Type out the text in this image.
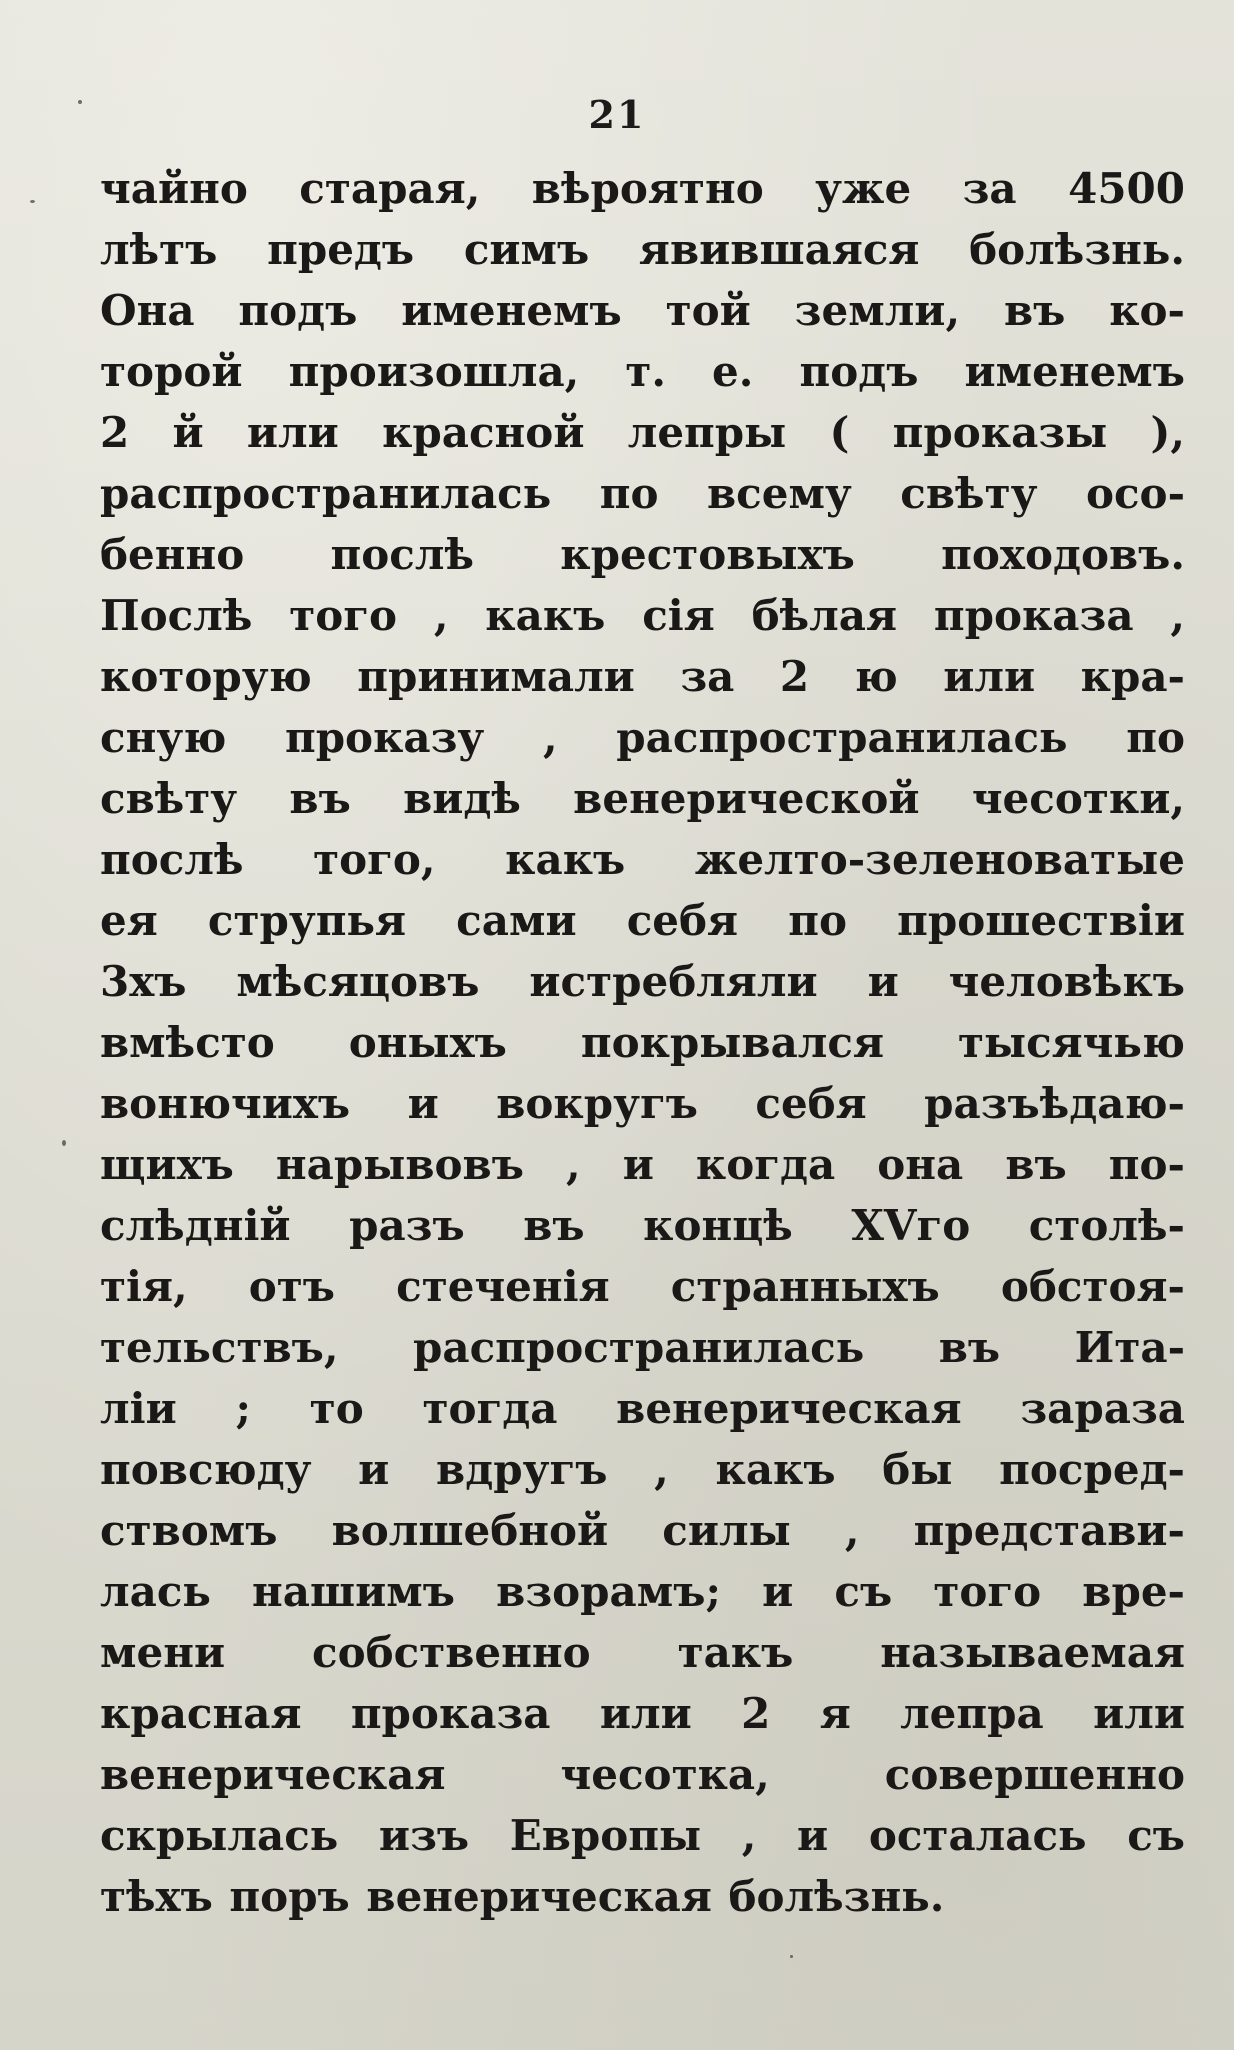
21
чайно старая, вѣроятно уже за 4500
лѣтъ предъ симъ явившаяся болѣзнь.
Она подъ именемъ той земли, въ ко-
торой произошла, т. е. подъ именемъ
2 й или красной лепры ( проказы ),
распространилась по всему свѣту осо-
бенно послѣ крестовыхъ походовъ.
Послѣ того , какъ сія бѣлая проказа ,
которую принимали за 2 ю или кра-
сную проказу , распространилась по
свѣту въ видѣ венерической чесотки,
послѣ того, какъ желто-зеленоватые
ея струпья сами себя по прошествіи
3хъ мѣсяцовъ истребляли и человѣкъ
вмѣсто оныхъ покрывался тысячью
вонючихъ и вокругъ себя разъѣдаю-
щихъ нарывовъ , и когда она въ по-
слѣдній разъ въ концѣ XVго столѣ-
тія, отъ стеченія странныхъ обстоя-
тельствъ, распространилась въ Ита-
ліи ; то тогда венерическая зараза
повсюду и вдругъ , какъ бы посред-
ствомъ волшебной силы , представи-
лась нашимъ взорамъ; и съ того вре-
мени собственно такъ называемая
красная проказа или 2 я лепра или
венерическая чесотка, совершенно
скрылась изъ Европы , и осталась съ
тѣхъ поръ венерическая болѣзнь.
